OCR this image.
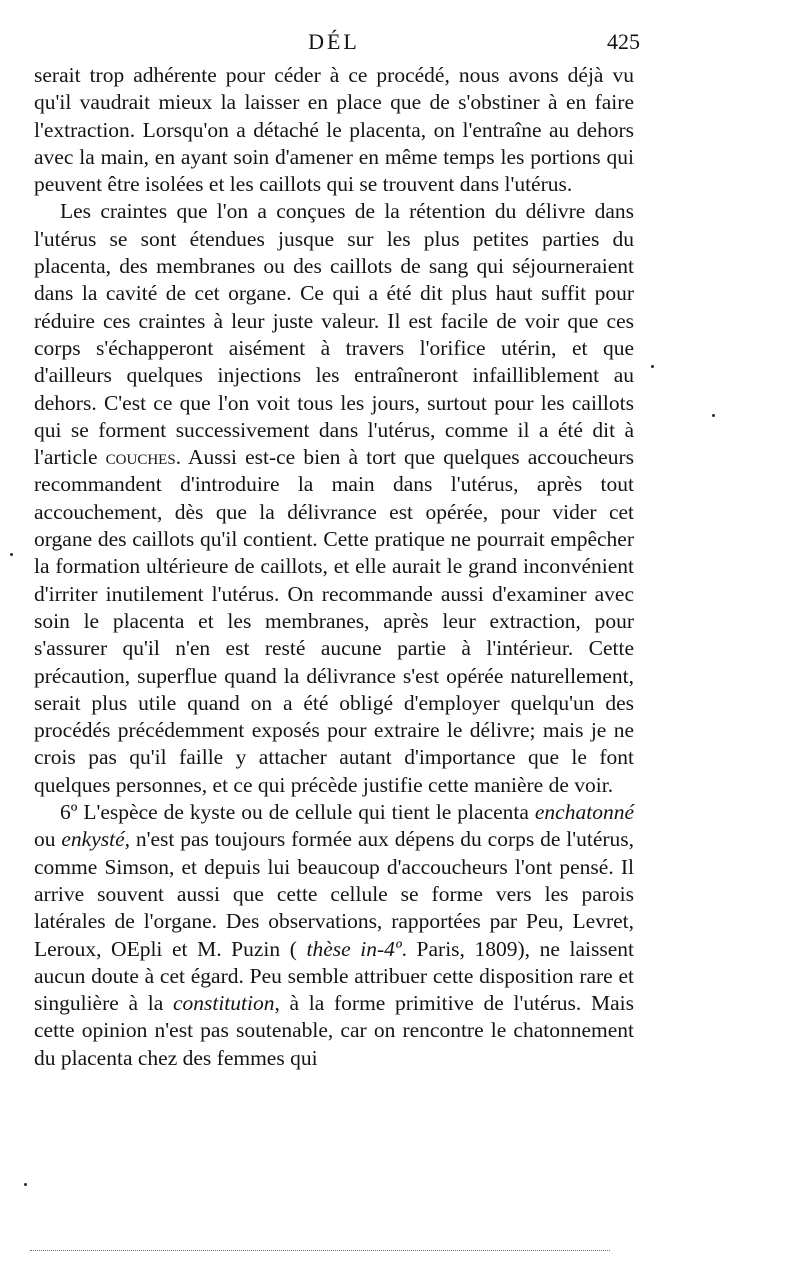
DÉL	425

serait trop adhérente pour céder à ce procédé, nous avons déjà vu qu'il vaudrait mieux la laisser en place que de s'obstiner à en faire l'extraction. Lorsqu'on a détaché le placenta, on l'entraîne au dehors avec la main, en ayant soin d'amener en même temps les portions qui peuvent être isolées et les caillots qui se trouvent dans l'utérus.

Les craintes que l'on a conçues de la rétention du délivre dans l'utérus se sont étendues jusque sur les plus petites parties du placenta, des membranes ou des caillots de sang qui séjourneraient dans la cavité de cet organe. Ce qui a été dit plus haut suffit pour réduire ces craintes à leur juste valeur. Il est facile de voir que ces corps s'échapperont aisément à travers l'orifice utérin, et que d'ailleurs quelques injections les entraîneront infailliblement au dehors. C'est ce que l'on voit tous les jours, surtout pour les caillots qui se forment successivement dans l'utérus, comme il a été dit à l'article couches. Aussi est-ce bien à tort que quelques accoucheurs recommandent d'introduire la main dans l'utérus, après tout accouchement, dès que la délivrance est opérée, pour vider cet organe des caillots qu'il contient. Cette pratique ne pourrait empêcher la formation ultérieure de caillots, et elle aurait le grand inconvénient d'irriter inutilement l'utérus. On recommande aussi d'examiner avec soin le placenta et les membranes, après leur extraction, pour s'assurer qu'il n'en est resté aucune partie à l'intérieur. Cette précaution, superflue quand la délivrance s'est opérée naturellement, serait plus utile quand on a été obligé d'employer quelqu'un des procédés précédemment exposés pour extraire le délivre; mais je ne crois pas qu'il faille y attacher autant d'importance que le font quelques personnes, et ce qui précède justifie cette manière de voir.

6º L'espèce de kyste ou de cellule qui tient le placenta enchatonné ou enkysté, n'est pas toujours formée aux dépens du corps de l'utérus, comme Simson, et depuis lui beaucoup d'accoucheurs l'ont pensé. Il arrive souvent aussi que cette cellule se forme vers les parois latérales de l'organe. Des observations, rapportées par Peu, Levret, Leroux, OEpli et M. Puzin ( thèse in-4º. Paris, 1809), ne laissent aucun doute à cet égard. Peu semble attribuer cette disposition rare et singulière à la constitution, à la forme primitive de l'utérus. Mais cette opinion n'est pas soutenable, car on rencontre le chatonnement du placenta chez des femmes qui
